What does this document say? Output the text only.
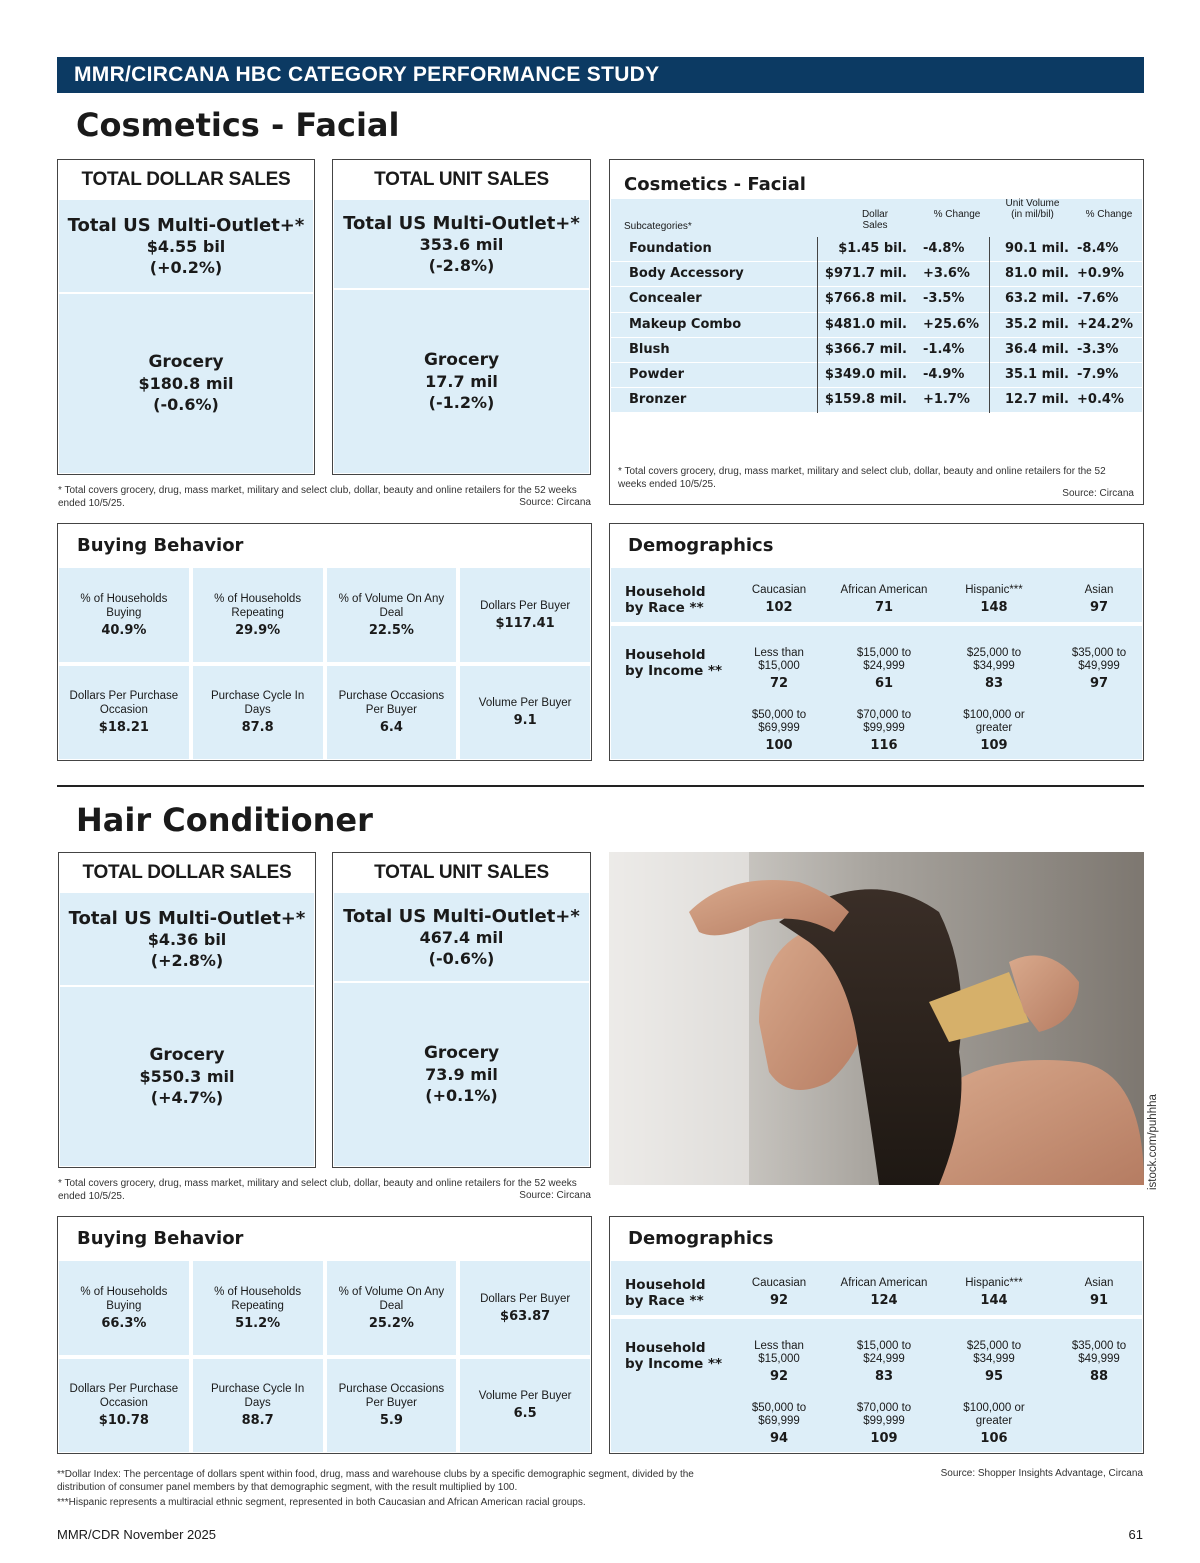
MMR/CIRCANA HBC CATEGORY PERFORMANCE STUDY
Cosmetics - Facial
TOTAL DOLLAR SALES
Total US Multi-Outlet+*
$4.55 bil
(+0.2%)
Grocery
$180.8 mil
(-0.6%)
TOTAL UNIT SALES
Total US Multi-Outlet+*
353.6 mil
(-2.8%)
Grocery
17.7 mil
(-1.2%)
* Total covers grocery, drug, mass market, military and select club, dollar, beauty and online retailers for the 52 weeks ended 10/5/25.	Source: Circana
Cosmetics - Facial
Subcategories*
Dollar Sales
% Change
Unit Volume (in mil/bil)	% Change
Foundation	$1.45 bil. -4.8%	90.1 mil. -8.4%
Body Accessory	$971.7 mil. +3.6%	81.0 mil. +0.9%
Concealer	$766.8 mil. -3.5%	63.2 mil. -7.6%
Makeup Combo	$481.0 mil. +25.6% 35.2 mil. +24.2%
Blush	$366.7 mil. -1.4%	36.4 mil. -3.3%
Powder	$349.0 mil. -4.9%	35.1 mil. -7.9%
Bronzer	$159.8 mil. +1.7%	12.7 mil. +0.4%
* Total covers grocery, drug, mass market, military and select club, dollar, beauty and online retailers for the 52 weeks ended 10/5/25.
Source: Circana
Buying Behavior
% of Households Buying
40.9%
% of Households Repeating
29.9%
% of Volume On Any Deal
22.5%
Dollars Per Buyer
$117.41
Dollars Per Purchase Occasion
$18.21
Purchase Cycle In Days
87.8
Purchase Occasions Per Buyer
6.4
Volume Per Buyer
9.1
Demographics
Household by Race **
Caucasian
102
African American
71
Hispanic***
148
Asian
97
Household by Income **
Less than $15,000
72
$15,000 to $24,999
61
$25,000 to $34,999
83
$35,000 to $49,999
97
$50,000 to $69,999
100
$70,000 to $99,999
116
$100,000 or greater
109
Hair Conditioner
TOTAL DOLLAR SALES
Total US Multi-Outlet+*
$4.36 bil
(+2.8%)
Grocery
$550.3 mil
(+4.7%)
TOTAL UNIT SALES
Total US Multi-Outlet+*
467.4 mil
(-0.6%)
Grocery
73.9 mil
(+0.1%)
* Total covers grocery, drug, mass market, military and select club, dollar, beauty and online retailers for the 52 weeks ended 10/5/25.	Source: Circana
istock.com/puhhha
Buying Behavior
% of Households Buying
66.3%
% of Households Repeating
51.2%
% of Volume On Any Deal
25.2%
Dollars Per Buyer
$63.87
Dollars Per Purchase Occasion
$10.78
Purchase Cycle In Days
88.7
Purchase Occasions Per Buyer
5.9
Volume Per Buyer
6.5
Demographics
Household by Race **
Caucasian
92
African American
124
Hispanic***
144
Asian
91
Household by Income **
Less than $15,000
92
$15,000 to $24,999
83
$25,000 to $34,999
95
$35,000 to $49,999
88
$50,000 to $69,999
94
$70,000 to $99,999
109
$100,000 or greater
106
**Dollar Index: The percentage of dollars spent within food, drug, mass and warehouse clubs by a specific demographic segment, divided by the distribution of consumer panel members by that demographic segment, with the result multiplied by 100.
***Hispanic represents a multiracial ethnic segment, represented in both Caucasian and African American racial groups.
Source: Shopper Insights Advantage, Circana
MMR/CDR November 2025	61
